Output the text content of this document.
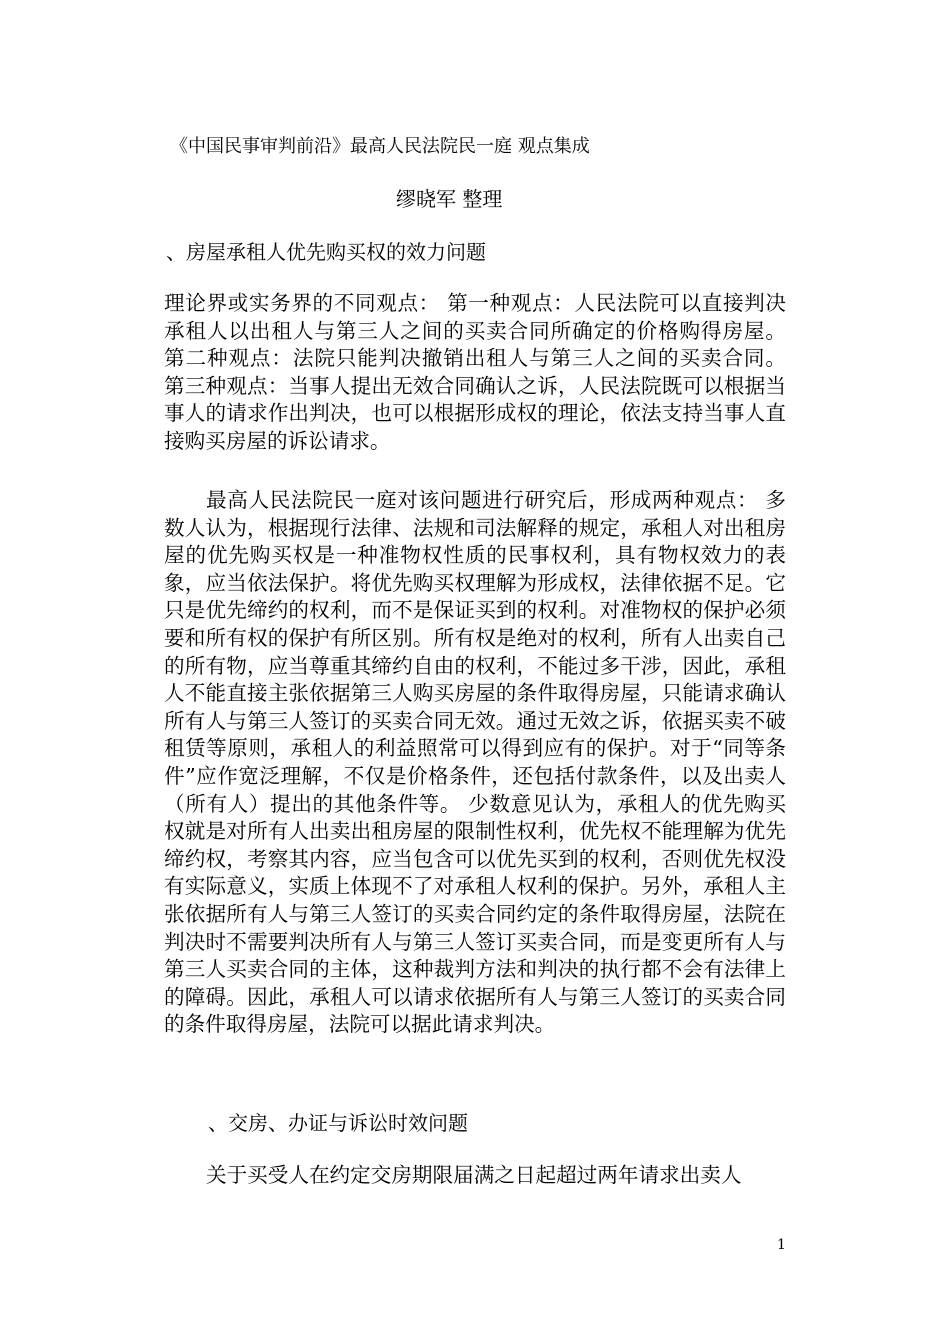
《中国民事审判前沿》最高人民法院民一庭 观点集成
缪晓军 整理
、房屋承租人优先购买权的效力问题

理论界或实务界的不同观点： 第一种观点：人民法院可以直接判决承租人以出租人与第三人之间的买卖合同所确定的价格购得房屋。 第二种观点：法院只能判决撤销出租人与第三人之间的买卖合同。 第三种观点：当事人提出无效合同确认之诉，人民法院既可以根据当事人的请求作出判决，也可以根据形成权的理论，依法支持当事人直接购买房屋的诉讼请求。

最高人民法院民一庭对该问题进行研究后，形成两种观点： 多数人认为，根据现行法律、法规和司法解释的规定，承租人对出租房屋的优先购买权是一种准物权性质的民事权利，具有物权效力的表象，应当依法保护。将优先购买权理解为形成权，法律依据不足。它只是优先缔约的权利，而不是保证买到的权利。对准物权的保护必须要和所有权的保护有所区别。所有权是绝对的权利，所有人出卖自己的所有物，应当尊重其缔约自由的权利，不能过多干涉，因此，承租人不能直接主张依据第三人购买房屋的条件取得房屋，只能请求确认所有人与第三人签订的买卖合同无效。通过无效之诉，依据买卖不破租赁等原则，承租人的利益照常可以得到应有的保护。对于“同等条件”应作宽泛理解，不仅是价格条件，还包括付款条件，以及出卖人（所有人）提出的其他条件等。 少数意见认为，承租人的优先购买权就是对所有人出卖出租房屋的限制性权利，优先权不能理解为优先缔约权，考察其内容，应当包含可以优先买到的权利，否则优先权没有实际意义，实质上体现不了对承租人权利的保护。另外，承租人主张依据所有人与第三人签订的买卖合同约定的条件取得房屋，法院在判决时不需要判决所有人与第三人签订买卖合同，而是变更所有人与第三人买卖合同的主体，这种裁判方法和判决的执行都不会有法律上的障碍。因此，承租人可以请求依据所有人与第三人签订的买卖合同的条件取得房屋，法院可以据此请求判决。

、交房、办证与诉讼时效问题

关于买受人在约定交房期限届满之日起超过两年请求出卖人

1
